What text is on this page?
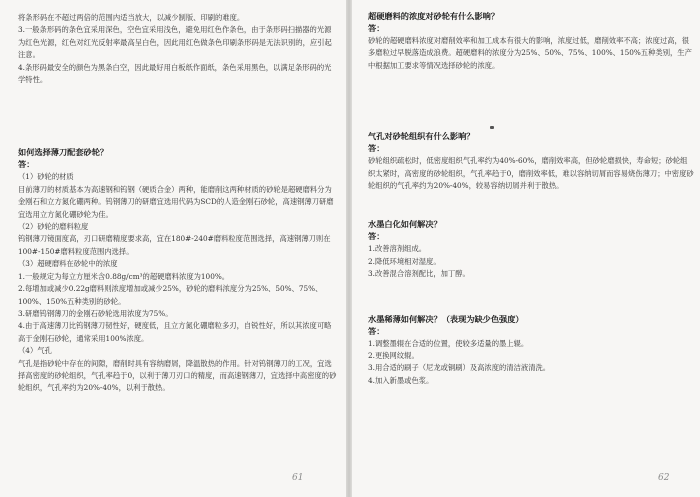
将条形码在不超过两倍的范围内适当放大，以减少制版、印刷的难度。

3.一般条形码的条色宜采用深色，空色宜采用浅色，避免用红色作条色，由于条形码扫描器的光源为红色光源，红色对红光反射率最高呈白色，因此用红色做条色印刷条形码是无法识别的，应引起注意。

4.条形码最安全的颜色为黑条白空，因此最好用白板纸作面纸，条色采用黑色，以满足条形码的光学特性。

如何选择薄刀配套砂轮？

答：

（1）砂轮的材质

目前薄刀的材质基本为高速钢和钨钢（硬质合金）两种，能磨削这两种材质的砂轮是超硬磨料分为金刚石和立方氮化硼两种。钨钢薄刀的研磨宜选用代码为SCD的人造金刚石砂轮，高速钢薄刀研磨宜选用立方氮化硼砂轮为佳。

（2）砂轮的磨料粒度

钨钢薄刀镜面度高，刃口研磨精度要求高，宜在180#-240#磨料粒度范围选择，高速钢薄刀则在100#-150#磨料粒度范围内选择。

（3）超硬磨料在砂轮中的浓度

1.一般规定为每立方厘米含0.88g/cm³的超硬磨料浓度为100%。

2.每增加或减少0.22g磨料则浓度增加或减少25%，砂轮的磨料浓度分为25%、50%、75%、100%、150%五种类别的砂轮。

3.研磨钨钢薄刀的金刚石砂轮选用浓度为75%。

4.由于高速薄刀比钨钢薄刀韧性好，硬度低，且立方氮化硼磨粒多刃，自锐性好，所以其浓度可略高于金刚石砂轮，通常采用100%浓度。

（4）气孔

气孔是指砂轮中存在的间隙，磨削时具有容纳磨屑，降温散热的作用。针对钨钢薄刀的工况，宜选择高密度的砂轮组织，气孔率趋于0，以利于薄刀刃口的精度，而高速钢薄刀，宜选择中高密度的砂轮组织，气孔率约为20%-40%，以利于散热。

61
超硬磨料的浓度对砂轮有什么影响？

答：

砂轮的超硬磨料浓度对磨削效率和加工成本有很大的影响，浓度过低，磨削效率不高；浓度过高，很多磨粒过早脱落造成浪费。超硬磨料的浓度分为25%、50%、75%、100%、150%五种类别，生产中根据加工要求等情况选择砂轮的浓度。

气孔对砂轮组织有什么影响？

答：

砂轮组织疏松时，低密度组织气孔率约为40%-60%，磨削效率高，但砂轮磨损快，寿命短；砂轮组织太紧时，高密度的砂轮组织，气孔率趋于0，磨削效率低，难以容纳切屑而容易烧伤薄刀；中密度砂轮组织的气孔率约为20%-40%，较易容纳切屑并利于散热。

水墨白化如何解决？

答：

1.改善溶剂组成。

2.降低环境相对湿度。

3.改善混合溶剂配比，加丁醇。

水墨稀薄如何解决？（表现为缺少色强度）

答：

1.调整墨辊在合适的位置，使较多适量的墨上辊。

2.更换网纹辊。

3.用合适的刷子（尼龙或铜刷）及高浓度的清洁液清洗。

4.加入新墨或色浆。

62
